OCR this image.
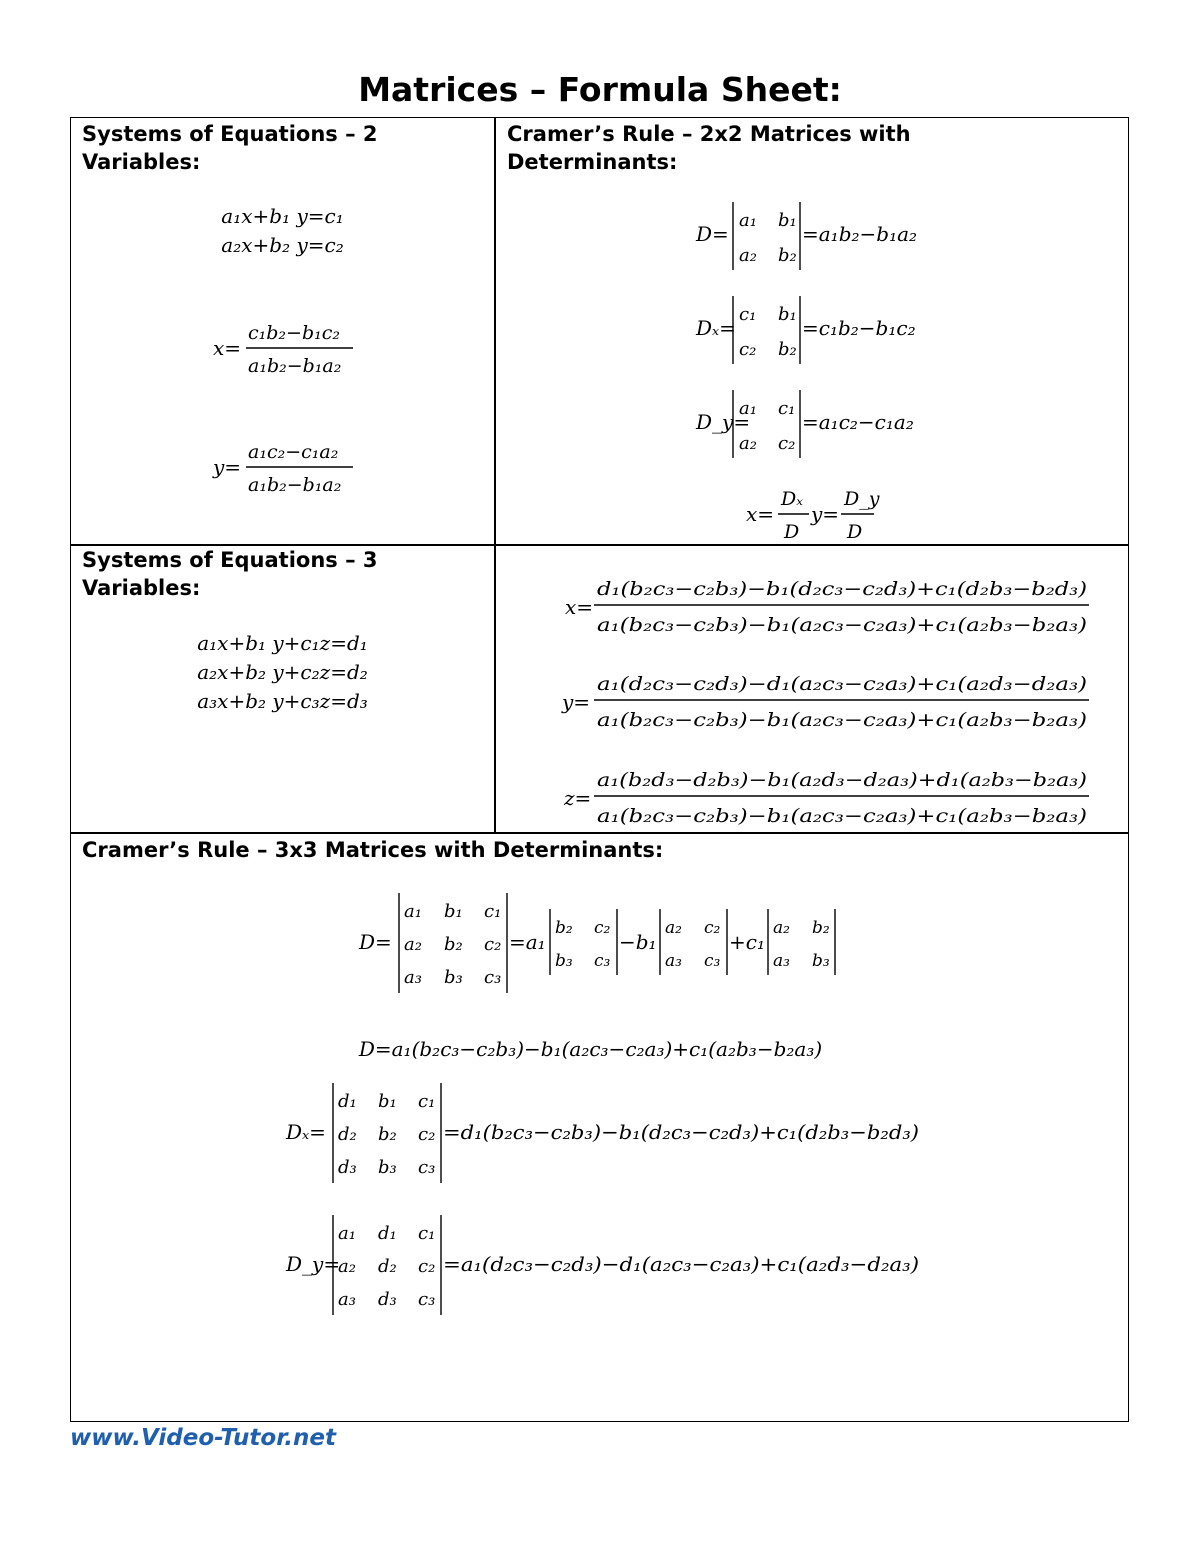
Matrices – Formula Sheet:
Systems of Equations – 2
Variables:
a₁x+b₁ y=c₁
a₂x+b₂ y=c₂
x=
c₁b₂−b₁c₂
a₁b₂−b₁a₂
y=
a₁c₂−c₁a₂
a₁b₂−b₁a₂
Cramer’s Rule – 2x2 Matrices with
Determinants:
D=
a₁ b₁
a₂ b₂
=a₁b₂−b₁a₂
Dₓ=
c₁ b₁
c₂ b₂
=c₁b₂−b₁c₂
D_y=
a₁ c₁
a₂ c₂
=a₁c₂−c₁a₂
x=
Dₓ
D
y=
D_y
D
Systems of Equations – 3
Variables:
a₁x+b₁ y+c₁z=d₁
a₂x+b₂ y+c₂z=d₂
a₃x+b₂ y+c₃z=d₃
x=
d₁(b₂c₃−c₂b₃)−b₁(d₂c₃−c₂d₃)+c₁(d₂b₃−b₂d₃)
a₁(b₂c₃−c₂b₃)−b₁(a₂c₃−c₂a₃)+c₁(a₂b₃−b₂a₃)
y=
a₁(d₂c₃−c₂d₃)−d₁(a₂c₃−c₂a₃)+c₁(a₂d₃−d₂a₃)
a₁(b₂c₃−c₂b₃)−b₁(a₂c₃−c₂a₃)+c₁(a₂b₃−b₂a₃)
z=
a₁(b₂d₃−d₂b₃)−b₁(a₂d₃−d₂a₃)+d₁(a₂b₃−b₂a₃)
a₁(b₂c₃−c₂b₃)−b₁(a₂c₃−c₂a₃)+c₁(a₂b₃−b₂a₃)
Cramer’s Rule – 3x3 Matrices with Determinants:
D=
a₁ b₁ c₁
a₂ b₂ c₂
a₃ b₃ c₃
=a₁
b₂ c₂
b₃ c₃
−b₁
a₂ c₂
a₃ c₃
+c₁
a₂ b₂
a₃ b₃
D=a₁(b₂c₃−c₂b₃)−b₁(a₂c₃−c₂a₃)+c₁(a₂b₃−b₂a₃)
Dₓ=
d₁ b₁ c₁
d₂ b₂ c₂
d₃ b₃ c₃
=d₁(b₂c₃−c₂b₃)−b₁(d₂c₃−c₂d₃)+c₁(d₂b₃−b₂d₃)
D_y=
a₁ d₁ c₁
a₂ d₂ c₂
a₃ d₃ c₃
=a₁(d₂c₃−c₂d₃)−d₁(a₂c₃−c₂a₃)+c₁(a₂d₃−d₂a₃)
www.Video-Tutor.net
